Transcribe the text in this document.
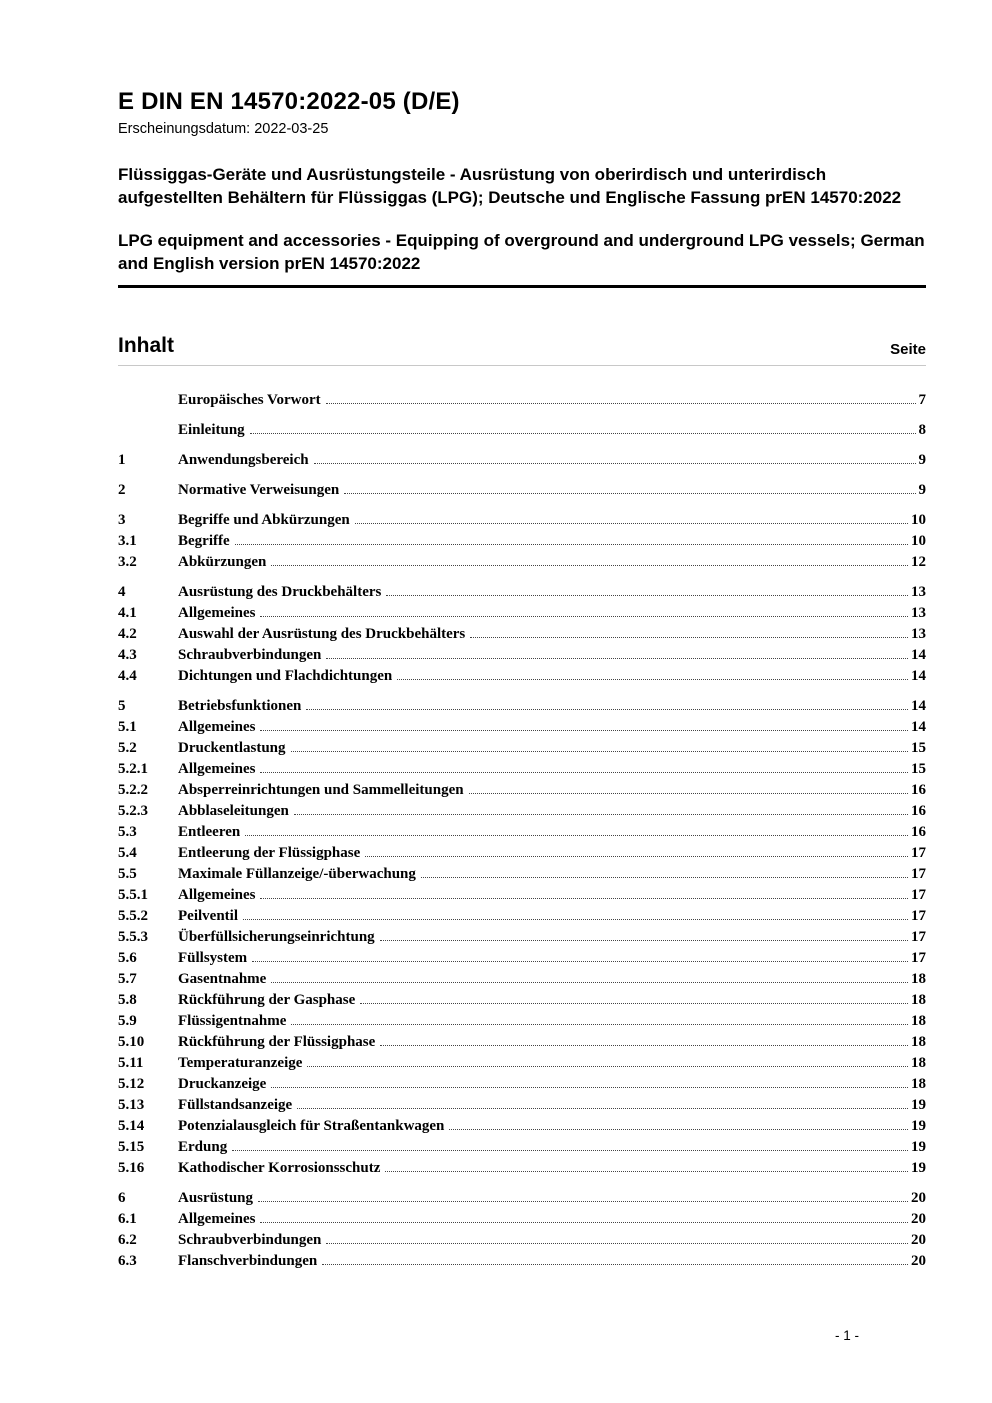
E DIN EN 14570:2022-05 (D/E)
Erscheinungsdatum: 2022-03-25
Flüssiggas-Geräte und Ausrüstungsteile - Ausrüstung von oberirdisch und unterirdisch aufgestellten Behältern für Flüssiggas (LPG); Deutsche und Englische Fassung prEN 14570:2022
LPG equipment and accessories - Equipping of overground and underground LPG vessels; German and English version prEN 14570:2022
Inhalt	Seite
Europäisches Vorwort	7
Einleitung	8
1	Anwendungsbereich	9
2	Normative Verweisungen	9
3	Begriffe und Abkürzungen	10
3.1	Begriffe	10
3.2	Abkürzungen	12
4	Ausrüstung des Druckbehälters	13
4.1	Allgemeines	13
4.2	Auswahl der Ausrüstung des Druckbehälters	13
4.3	Schraubverbindungen	14
4.4	Dichtungen und Flachdichtungen	14
5	Betriebsfunktionen	14
5.1	Allgemeines	14
5.2	Druckentlastung	15
5.2.1	Allgemeines	15
5.2.2	Absperreinrichtungen und Sammelleitungen	16
5.2.3	Abblaseleitungen	16
5.3	Entleeren	16
5.4	Entleerung der Flüssigphase	17
5.5	Maximale Füllanzeige/-überwachung	17
5.5.1	Allgemeines	17
5.5.2	Peilventil	17
5.5.3	Überfüllsicherungseinrichtung	17
5.6	Füllsystem	17
5.7	Gasentnahme	18
5.8	Rückführung der Gasphase	18
5.9	Flüssigentnahme	18
5.10	Rückführung der Flüssigphase	18
5.11	Temperaturanzeige	18
5.12	Druckanzeige	18
5.13	Füllstandsanzeige	19
5.14	Potenzialausgleich für Straßentankwagen	19
5.15	Erdung	19
5.16	Kathodischer Korrosionsschutz	19
6	Ausrüstung	20
6.1	Allgemeines	20
6.2	Schraubverbindungen	20
6.3	Flanschverbindungen	20
- 1 -
